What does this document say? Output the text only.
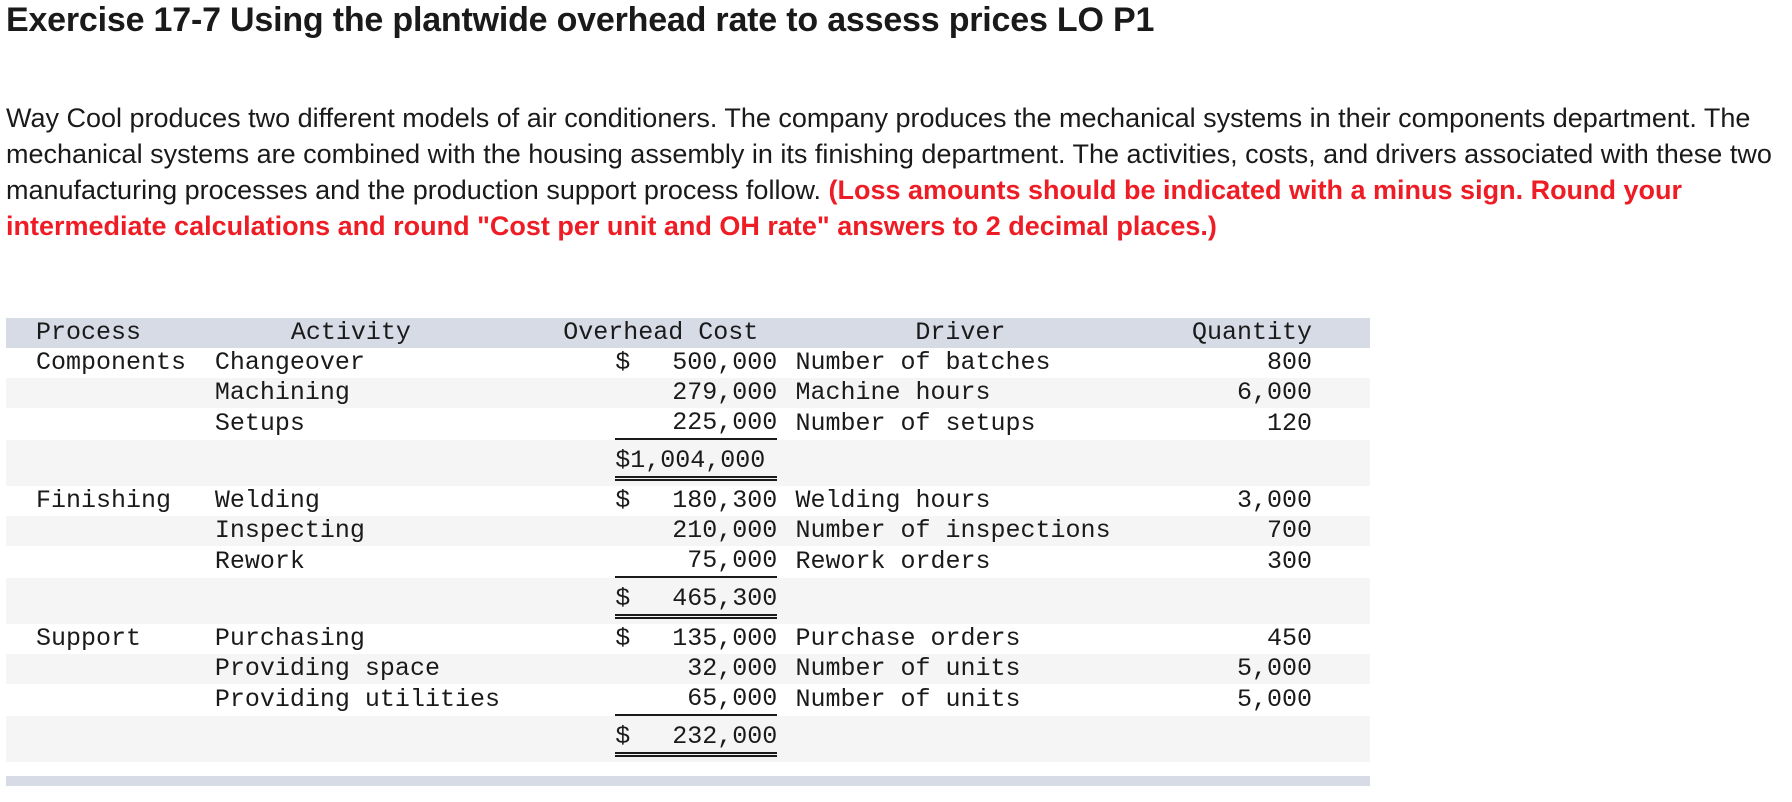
Exercise 17-7 Using the plantwide overhead rate to assess prices LO P1
Way Cool produces two different models of air conditioners. The company produces the mechanical systems in their components department. The mechanical systems are combined with the housing assembly in its finishing department. The activities, costs, and drivers associated with these two manufacturing processes and the production support process follow. (Loss amounts should be indicated with a minus sign. Round your intermediate calculations and round "Cost per unit and OH rate" answers to 2 decimal places.)
Process	Activity	Overhead Cost		Driver	Quantity
Components	Changeover	$ 500,000		Number of batches	800
	Machining	279,000		Machine hours	6,000
	Setups	225,000		Number of setups	120

		$ 1,004,000			

Finishing	Welding	$ 180,300		Welding hours	3,000
	Inspecting	210,000		Number of inspections	700
	Rework	75,000		Rework orders	300

		$ 465,300			

Support	Purchasing	$ 135,000		Purchase orders	450
	Providing space	32,000		Number of units	5,000
	Providing utilities	65,000		Number of units	5,000

		$ 232,000			
